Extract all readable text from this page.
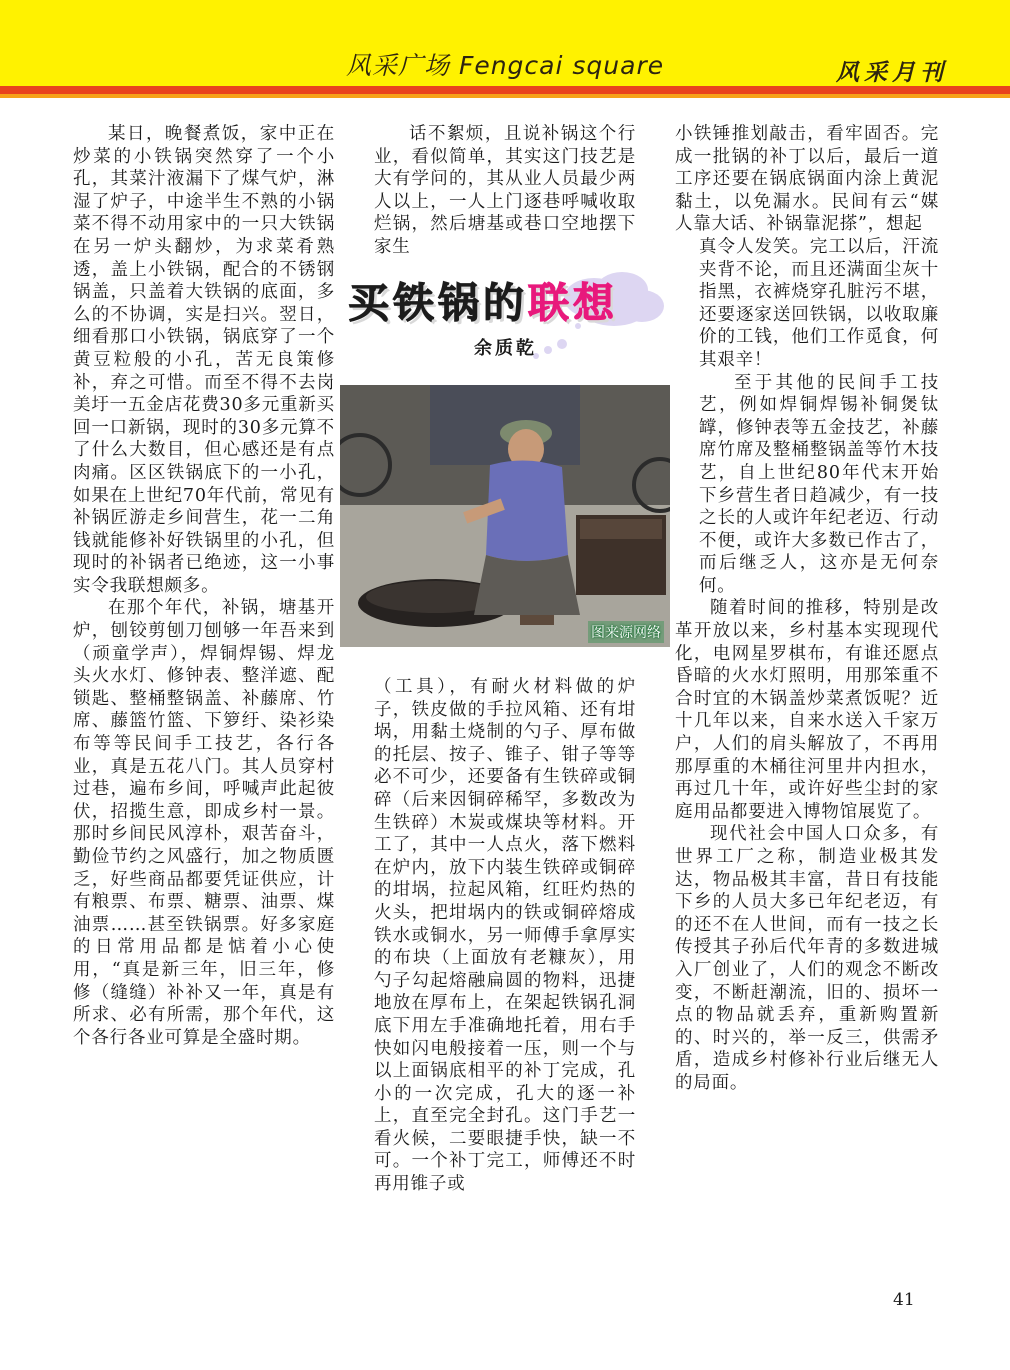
风采广场 Fengcai square	风采月刊

某日，晚餐煮饭，家中正在炒菜的小铁锅突然穿了一个小孔，其菜汁液漏下了煤气炉，淋湿了炉子，中途半生不熟的小锅菜不得不动用家中的一只大铁锅在另一炉头翻炒，为求菜肴熟透，盖上小铁锅，配合的不锈钢锅盖，只盖着大铁锅的底面，多么的不协调，实是扫兴。翌日，细看那口小铁锅，锅底穿了一个黄豆粒般的小孔，苦无良策修补，弃之可惜。而至不得不去岗美圩一五金店花费30多元重新买回一口新锅，现时的30多元算不了什么大数目，但心感还是有点肉痛。区区铁锅底下的一小孔，如果在上世纪70年代前，常见有补锅匠游走乡间营生，花一二角钱就能修补好铁锅里的小孔，但现时的补锅者已绝迹，这一小事实令我联想颇多。

在那个年代，补锅，塘基开炉，刨铰剪刨刀刨够一年吾来到（顽童学声），焊铜焊锡、焊龙头火水灯、修钟表、整洋遮、配锁匙、整桶整锅盖、补藤席、竹席、藤篮竹篮、下箩纡、染衫染布等等民间手工技艺，各行各业，真是五花八门。其人员穿村过巷，遍布乡间，呼喊声此起彼伏，招揽生意，即成乡村一景。那时乡间民风淳朴，艰苦奋斗，勤俭节约之风盛行，加之物质匮乏，好些商品都要凭证供应，计有粮票、布票、糖票、油票、煤油票……甚至铁锅票。好多家庭的日常用品都是惦着小心使用，“真是新三年，旧三年，修修（缝缝）补补又一年，真是有所求、必有所需，那个年代，这个各行各业可算是全盛时期。

话不絮烦，且说补锅这个行业，看似简单，其实这门技艺是大有学问的，其从业人员最少两人以上，一人上门逐巷呼喊收取烂锅，然后塘基或巷口空地摆下家生

买铁锅的联想
余质乾
图来源网络

（工具），有耐火材料做的炉子，铁皮做的手拉风箱、还有坩埚，用黏土烧制的勺子、厚布做的托层、按子、锥子、钳子等等必不可少，还要备有生铁碎或铜碎（后来因铜碎稀罕，多数改为生铁碎）木炭或煤块等材料。开工了，其中一人点火，落下燃料在炉内，放下内装生铁碎或铜碎的坩埚，拉起风箱，红旺灼热的火头，把坩埚内的铁或铜碎熔成铁水或铜水，另一师傅手拿厚实的布块（上面放有老糠灰），用勺子勾起熔融扁圆的物料，迅捷地放在厚布上，在架起铁锅孔洞底下用左手准确地托着，用右手快如闪电般接着一压，则一个与以上面锅底相平的补丁完成，孔小的一次完成，孔大的逐一补上，直至完全封孔。这门手艺一看火候，二要眼捷手快，缺一不可。一个补丁完工，师傅还不时再用锥子或

小铁锤推划敲击，看牢固否。完成一批锅的补丁以后，最后一道工序还要在锅底锅面内涂上黄泥黏土，以免漏水。民间有云“媒人靠大话、补锅靠泥搽”，想起

真令人发笑。完工以后，汗流夹背不论，而且还满面尘灰十指黑，衣裤烧穿孔脏污不堪，还要逐家送回铁锅，以收取廉价的工钱，他们工作觅食，何其艰辛！

至于其他的民间手工技艺，例如焊铜焊锡补铜煲钛罉，修钟表等五金技艺，补藤席竹席及整桶整锅盖等竹木技艺，自上世纪80年代末开始下乡营生者日趋减少，有一技之长的人或许年纪老迈、行动不便，或许大多数已作古了，而后继乏人，这亦是无何奈何。

随着时间的推移，特别是改革开放以来，乡村基本实现现代化，电网星罗棋布，有谁还愿点昏暗的火水灯照明，用那笨重不合时宜的木锅盖炒菜煮饭呢？近十几年以来，自来水送入千家万户，人们的肩头解放了，不再用那厚重的木桶往河里井内担水，再过几十年，或许好些尘封的家庭用品都要进入博物馆展览了。

现代社会中国人口众多，有世界工厂之称，制造业极其发达，物品极其丰富，昔日有技能下乡的人员大多已年纪老迈，有的还不在人世间，而有一技之长传授其子孙后代年青的多数进城入厂创业了，人们的观念不断改变，不断赶潮流，旧的、损坏一点的物品就丢弃，重新购置新的、时兴的，举一反三，供需矛盾，造成乡村修补行业后继无人的局面。

41
